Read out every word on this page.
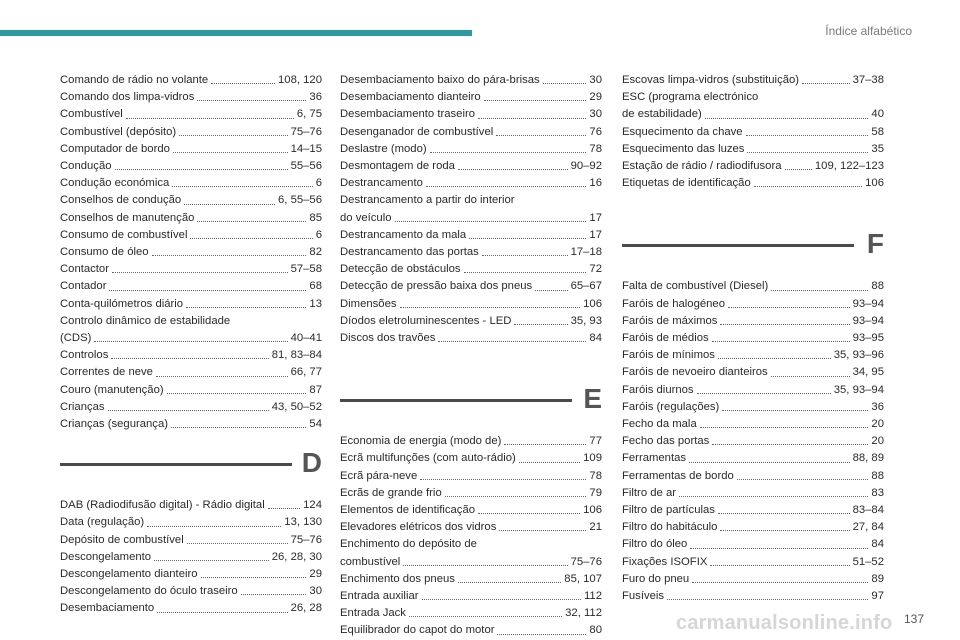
Índice alfabético
Comando de rádio no volante	108, 120
Comando dos limpa-vidros	36
Combustível	6, 75
Combustível (depósito)	75–76
Computador de bordo	14–15
Condução	55–56
Condução económica	6
Conselhos de condução	6, 55–56
Conselhos de manutenção	85
Consumo de combustível	6
Consumo de óleo	82
Contactor	57–58
Contador	68
Conta-quilómetros diário	13
Controlo dinâmico de estabilidade
(CDS)	40–41
Controlos	81, 83–84
Correntes de neve	66, 77
Couro (manutenção)	87
Crianças	43, 50–52
Crianças (segurança)	54
D
DAB (Radiodifusão digital) - Rádio digital	124
Data (regulação)	13, 130
Depósito de combustível	75–76
Descongelamento	26, 28, 30
Descongelamento dianteiro	29
Descongelamento do óculo traseiro	30
Desembaciamento	26, 28
Desembaciamento baixo do pára-brisas	30
Desembaciamento dianteiro	29
Desembaciamento traseiro	30
Desenganador de combustível	76
Deslastre (modo)	78
Desmontagem de roda	90–92
Destrancamento	16
Destrancamento a partir do interior
do veículo	17
Destrancamento da mala	17
Destrancamento das portas	17–18
Detecção de obstáculos	72
Detecção de pressão baixa dos pneus	65–67
Dimensões	106
Díodos eletroluminescentes - LED	35, 93
Discos dos travões	84
E
Economia de energia (modo de)	77
Ecrã multifunções (com auto-rádio)	109
Ecrã pára-neve	78
Ecrãs de grande frio	79
Elementos de identificação	106
Elevadores elétricos dos vidros	21
Enchimento do depósito de
combustível	75–76
Enchimento dos pneus	85, 107
Entrada auxiliar	112
Entrada Jack	32, 112
Equilibrador do capot do motor	80
Escovas limpa-vidros (substituição)	37–38
ESC (programa electrónico
de estabilidade)	40
Esquecimento da chave	58
Esquecimento das luzes	35
Estação de rádio / radiodifusora	109, 122–123
Etiquetas de identificação	106
F
Falta de combustível (Diesel)	88
Faróis de halogéneo	93–94
Faróis de máximos	93–94
Faróis de médios	93–95
Faróis de mínimos	35, 93–96
Faróis de nevoeiro dianteiros	34, 95
Faróis diurnos	35, 93–94
Faróis (regulações)	36
Fecho da mala	20
Fecho das portas	20
Ferramentas	88, 89
Ferramentas de bordo	88
Filtro de ar	83
Filtro de partículas	83–84
Filtro do habitáculo	27, 84
Filtro do óleo	84
Fixações ISOFIX	51–52
Furo do pneu	89
Fusíveis	97
137
carmanualsonline.info
